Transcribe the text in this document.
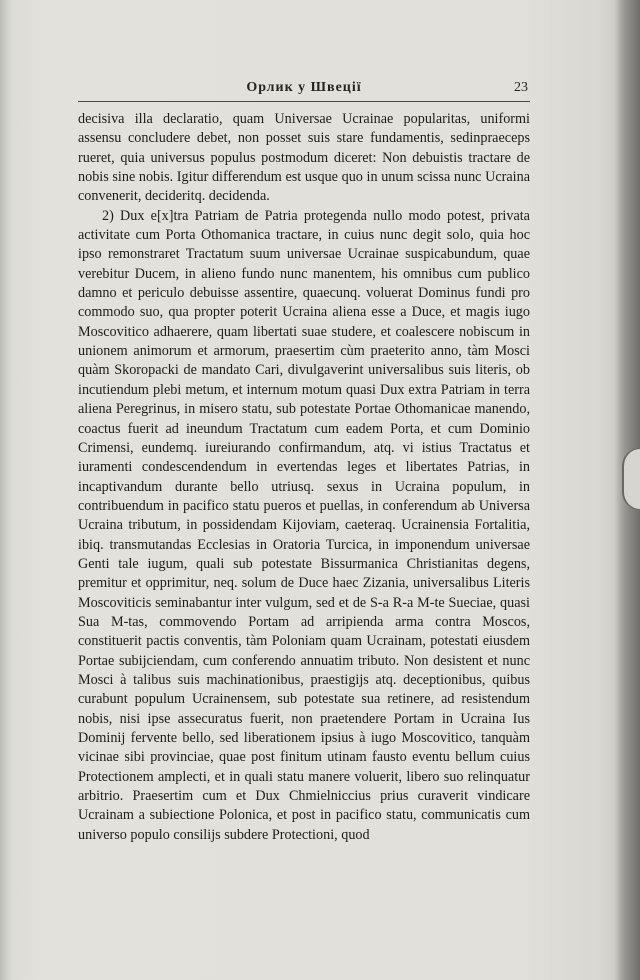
Орлик у Швеції	23

decisiva illa declaratio, quam Universae Ucrainae popularitas, uniformi assensu concludere debet, non posset suis stare fundamentis, sedinpraeceps rueret, quia universus populus postmodum diceret: Non debuistis tractare de nobis sine nobis. Igitur differendum est usque quo in unum scissa nunc Ucraina convenerit, decideritq. decidenda.

2) Dux e[x]tra Patriam de Patria protegenda nullo modo potest, privata activitate cum Porta Othomanica tractare, in cuius nunc degit solo, quia hoc ipso remonstraret Tractatum suum universae Ucrainae suspicabundum, quae verebitur Ducem, in alieno fundo nunc manentem, his omnibus cum publico damno et periculo debuisse assentire, quaecunq. voluerat Dominus fundi pro commodo suo, qua propter poterit Ucraina aliena esse a Duce, et magis iugo Moscovitico adhaerere, quam libertati suae studere, et coalescere nobiscum in unionem animorum et armorum, praesertim cùm praeterito anno, tàm Mosci quàm Skoropacki de mandato Cari, divulgaverint universalibus suis literis, ob incutiendum plebi metum, et internum motum quasi Dux extra Patriam in terra aliena Peregrinus, in misero statu, sub potestate Portae Othomanicae manendo, coactus fuerit ad ineundum Tractatum cum eadem Porta, et cum Dominio Crimensi, eundemq. iureiurando confirmandum, atq. vi istius Tractatus et iuramenti condescendendum in evertendas leges et libertates Patrias, in incaptivandum durante bello utriusq. sexus in Ucraina populum, in contribuendum in pacifico statu pueros et puellas, in conferendum ab Universa Ucraina tributum, in possidendam Kijoviam, caeteraq. Ucrainensia Fortalitia, ibiq. transmutandas Ecclesias in Oratoria Turcica, in imponendum universae Genti tale iugum, quali sub potestate Bissurmanica Christianitas degens, premitur et opprimitur, neq. solum de Duce haec Zizania, universalibus Literis Moscoviticis seminabantur inter vulgum, sed et de S-a R-a M-te Sueciae, quasi Sua M-tas, commovendo Portam ad arripienda arma contra Moscos, constituerit pactis conventis, tàm Poloniam quam Ucrainam, potestati eiusdem Portae subijciendam, cum conferendo annuatim tributo. Non desistent et nunc Mosci à talibus suis machinationibus, praestigijs atq. deceptionibus, quibus curabunt populum Ucrainensem, sub potestate sua retinere, ad resistendum nobis, nisi ipse assecuratus fuerit, non praetendere Portam in Ucraina Ius Dominij fervente bello, sed liberationem ipsius à iugo Moscovitico, tanquàm vicinae sibi provinciae, quae post finitum utinam fausto eventu bellum cuius Protectionem amplecti, et in quali statu manere voluerit, libero suo relinquatur arbitrio. Praesertim cum et Dux Chmielniccius prius curaverit vindicare Ucrainam a subiectione Polonica, et post in pacifico statu, communicatis cum universo populo consilijs subdere Protectioni, quod
